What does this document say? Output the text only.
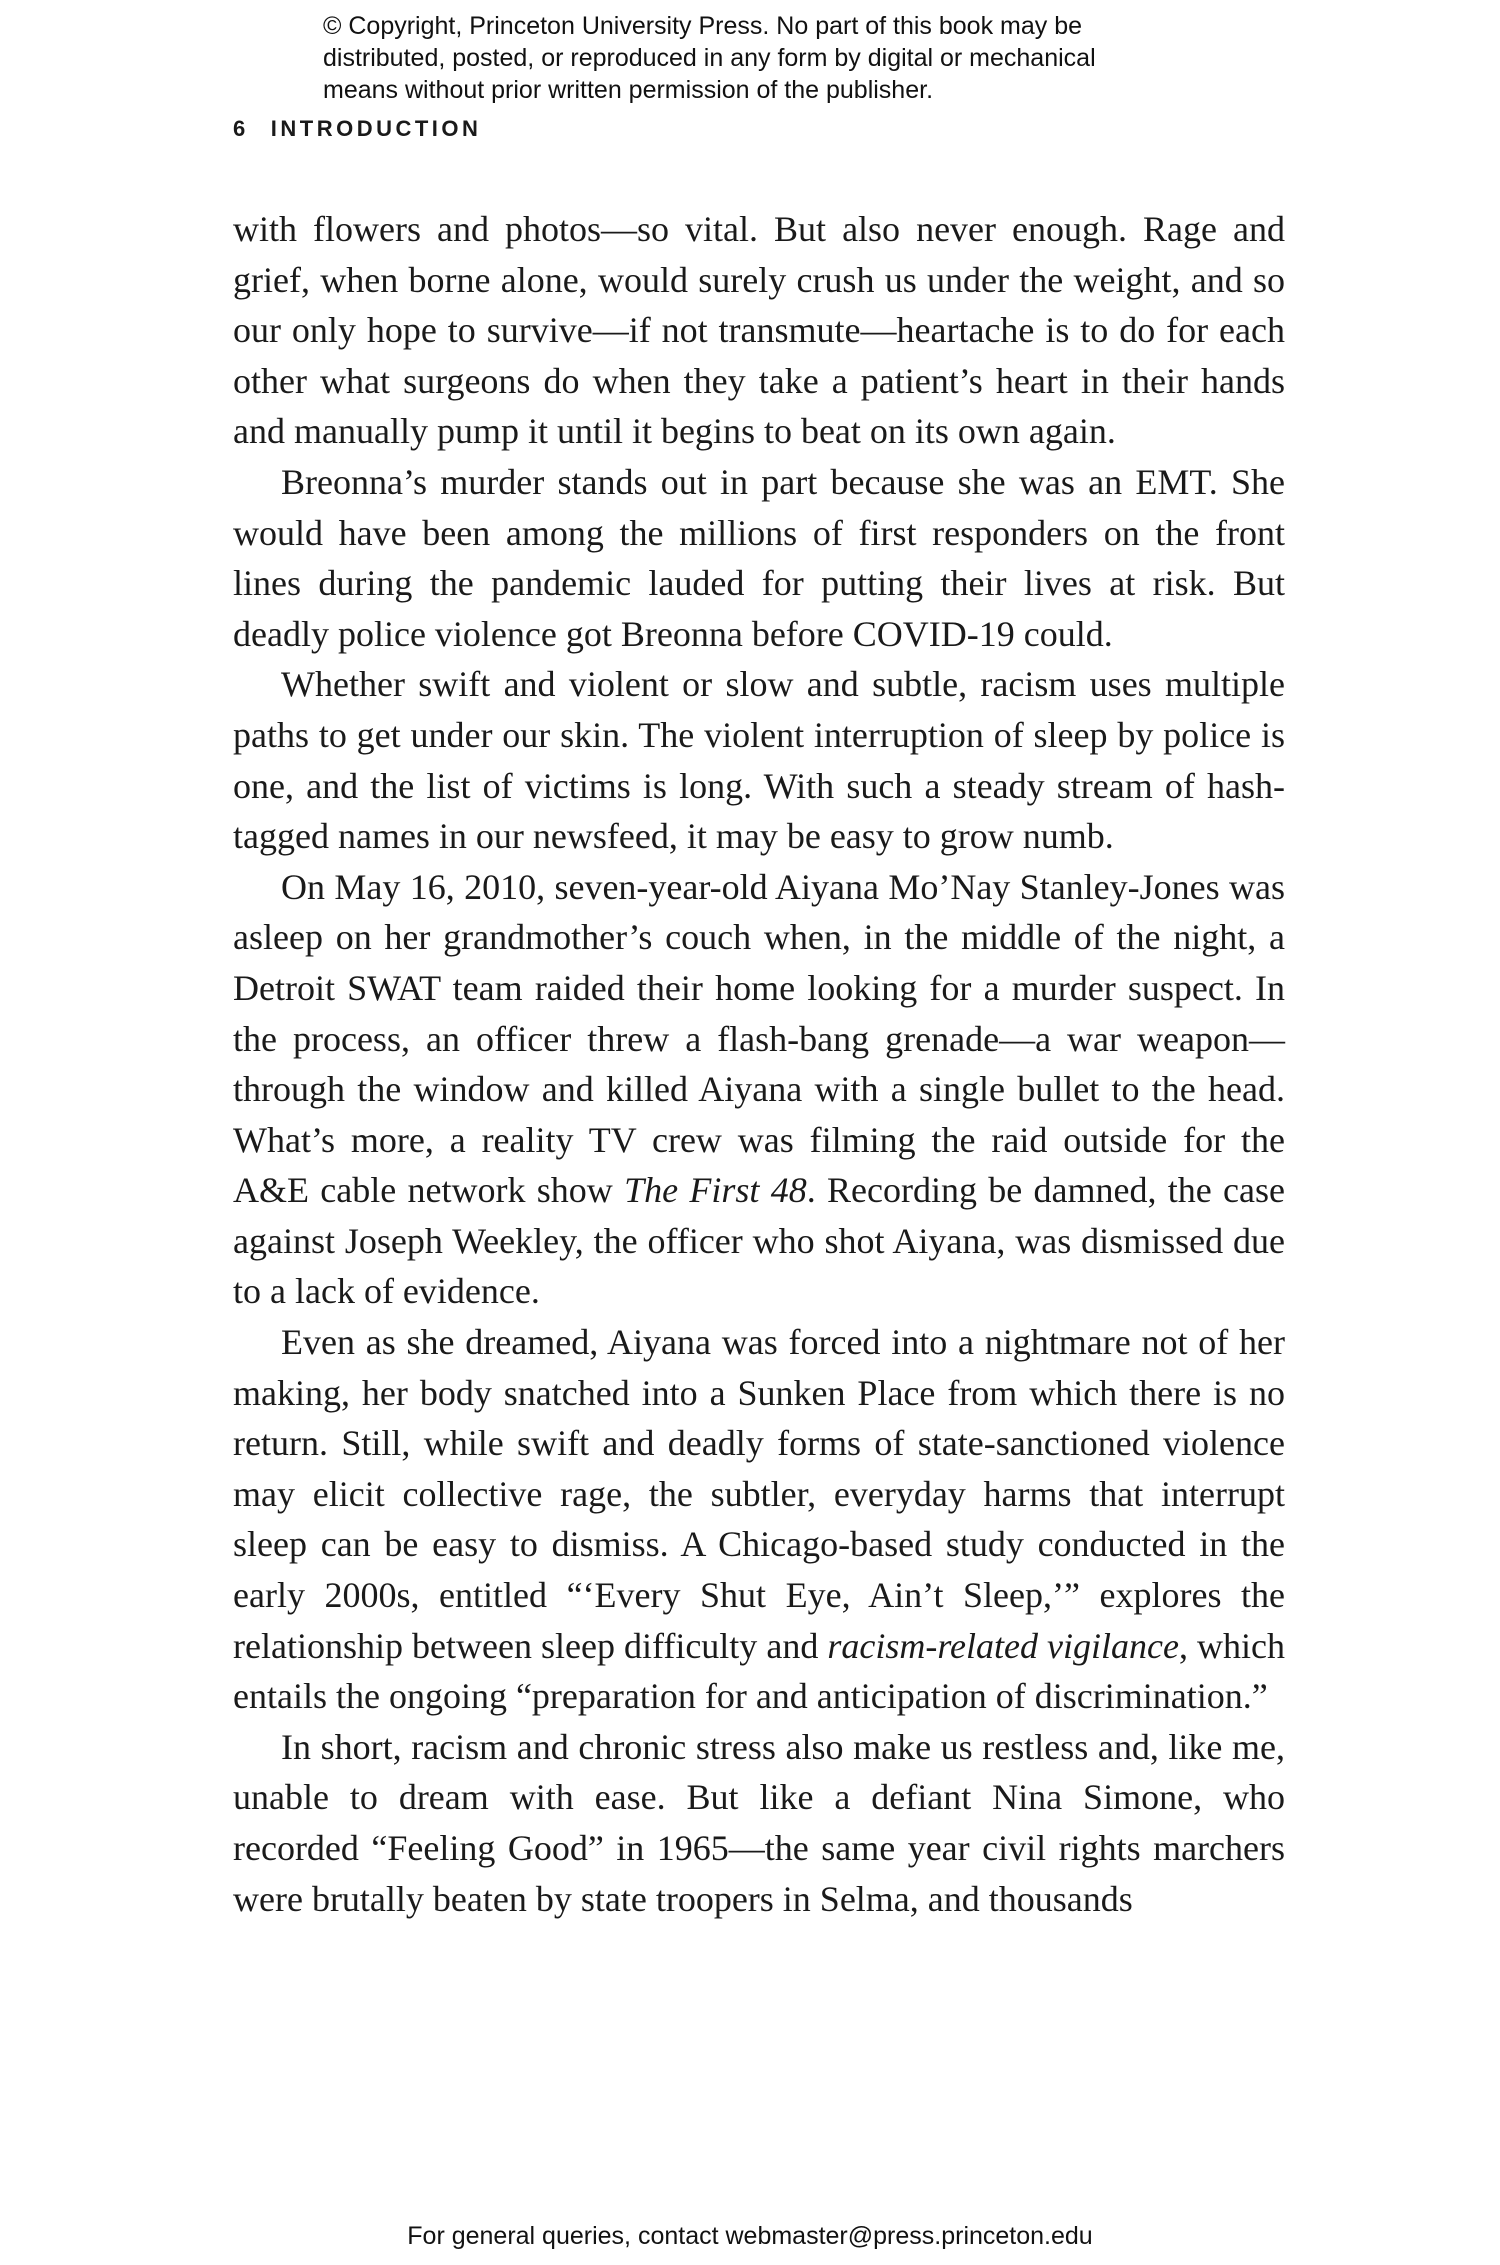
© Copyright, Princeton University Press. No part of this book may be
distributed, posted, or reproduced in any form by digital or mechanical
means without prior written permission of the publisher.
6 INTRODUCTION

with flowers and photos—so vital. But also never enough. Rage and grief, when borne alone, would surely crush us under the weight, and so our only hope to survive—if not transmute—heartache is to do for each other what surgeons do when they take a patient’s heart in their hands and manually pump it until it begins to beat on its own again.

Breonna’s murder stands out in part because she was an EMT. She would have been among the millions of first responders on the front lines during the pandemic lauded for putting their lives at risk. But deadly police violence got Breonna before COVID-19 could.

Whether swift and violent or slow and subtle, racism uses multiple paths to get under our skin. The violent interruption of sleep by police is one, and the list of victims is long. With such a steady stream of hash-tagged names in our newsfeed, it may be easy to grow numb.

On May 16, 2010, seven-year-old Aiyana Mo’Nay Stanley-Jones was asleep on her grandmother’s couch when, in the middle of the night, a Detroit SWAT team raided their home looking for a murder suspect. In the process, an officer threw a flash-bang grenade—a war weapon—through the window and killed Aiyana with a single bullet to the head. What’s more, a reality TV crew was filming the raid outside for the A&E cable network show The First 48. Recording be damned, the case against Joseph Weekley, the officer who shot Aiyana, was dismissed due to a lack of evidence.

Even as she dreamed, Aiyana was forced into a nightmare not of her making, her body snatched into a Sunken Place from which there is no return. Still, while swift and deadly forms of state-sanctioned violence may elicit collective rage, the subtler, everyday harms that interrupt sleep can be easy to dismiss. A Chicago-based study conducted in the early 2000s, entitled “‘Every Shut Eye, Ain’t Sleep,’” explores the relationship between sleep difficulty and racism-related vigilance, which entails the ongoing “preparation for and anticipation of discrimination.”

In short, racism and chronic stress also make us restless and, like me, unable to dream with ease. But like a defiant Nina Simone, who recorded “Feeling Good” in 1965—the same year civil rights marchers were brutally beaten by state troopers in Selma, and thousands

For general queries, contact webmaster@press.princeton.edu
